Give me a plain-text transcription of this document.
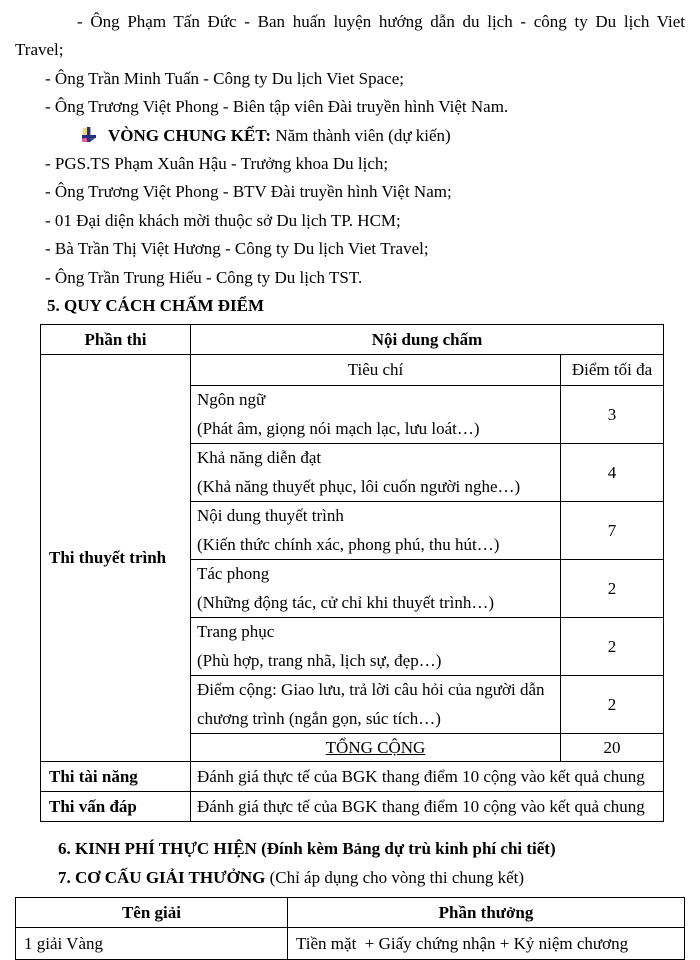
- Ông Phạm Tấn Đức - Ban huấn luyện hướng dẫn du lịch - công ty Du lịch Viet
Travel;
- Ông Trần Minh Tuấn - Công ty Du lịch Viet Space;
- Ông Trương Việt Phong - Biên tập viên Đài truyền hình Việt Nam.
VÒNG CHUNG KẾT: Năm thành viên (dự kiến)
- PGS.TS Phạm Xuân Hậu - Trưởng khoa Du lịch;
- Ông Trương Việt Phong - BTV Đài truyền hình Việt Nam;
- 01 Đại diện khách mời thuộc sở Du lịch TP. HCM;
- Bà Trần Thị Việt Hương - Công ty Du lịch Viet Travel;
- Ông Trần Trung Hiếu - Công ty Du lịch TST.
5. QUY CÁCH CHẤM ĐIỂM
Phần thi	Nội dung chấm	
Thi thuyết trình	Tiêu chí	Điểm tối đa

	Ngôn ngữ
(Phát âm, giọng nói mạch lạc, lưu loát…)	3

	Khả năng diễn đạt
(Khả năng thuyết phục, lôi cuốn người nghe…)	4

	Nội dung thuyết trình
(Kiến thức chính xác, phong phú, thu hút…)	7

	Tác phong
(Những động tác, cử chỉ khi thuyết trình…)	2

	Trang phục
(Phù hợp, trang nhã, lịch sự, đẹp…)	2

	Điểm cộng: Giao lưu, trả lời câu hỏi của người dẫn
chương trình (ngắn gọn, súc tích…)	2
	TỔNG CỘNG	20
Thi tài năng	Đánh giá thực tế của BGK thang điểm 10 cộng vào kết quả chung	
Thi vấn đáp	Đánh giá thực tế của BGK thang điểm 10 cộng vào kết quả chung	
6. KINH PHÍ THỰC HIỆN (Đính kèm Bảng dự trù kinh phí chi tiết)
7. CƠ CẤU GIẢI THƯỞNG (Chỉ áp dụng cho vòng thi chung kết)
Tên giải	Phần thưởng
1 giải Vàng	Tiền mặt  + Giấy chứng nhận + Kỷ niệm chương
